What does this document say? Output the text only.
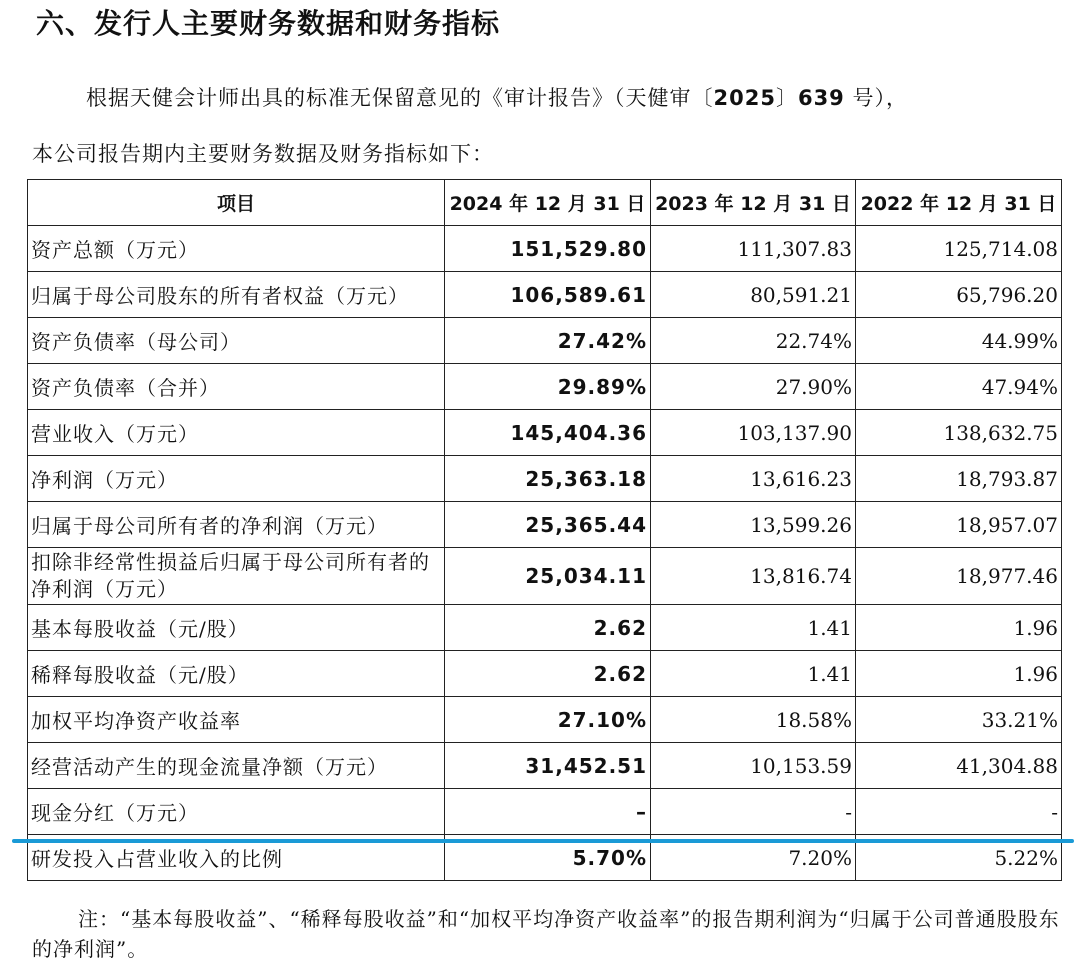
六、发行人主要财务数据和财务指标
根据天健会计师出具的标准无保留意见的《审计报告》（天健审〔2025〕639 号），
本公司报告期内主要财务数据及财务指标如下：
项目	2024 年 12 月 31 日	2023 年 12 月 31 日	2022 年 12 月 31 日
资产总额（万元）	151,529.80	111,307.83	125,714.08
归属于母公司股东的所有者权益（万元）	106,589.61	80,591.21	65,796.20
资产负债率（母公司）	27.42%	22.74%	44.99%
资产负债率（合并）	29.89%	27.90%	47.94%
营业收入（万元）	145,404.36	103,137.90	138,632.75
净利润（万元）	25,363.18	13,616.23	18,793.87
归属于母公司所有者的净利润（万元）	25,365.44	13,599.26	18,957.07
扣除非经常性损益后归属于母公司所有者的净利润（万元）	25,034.11	13,816.74	18,977.46
基本每股收益（元/股）	2.62	1.41	1.96
稀释每股收益（元/股）	2.62	1.41	1.96
加权平均净资产收益率	27.10%	18.58%	33.21%
经营活动产生的现金流量净额（万元）	31,452.51	10,153.59	41,304.88
现金分红（万元）	–	-	-
研发投入占营业收入的比例	5.70%	7.20%	5.22%
注：“基本每股收益”、“稀释每股收益”和“加权平均净资产收益率”的报告期利润为“归属于公司普通股股东的净利润”。
